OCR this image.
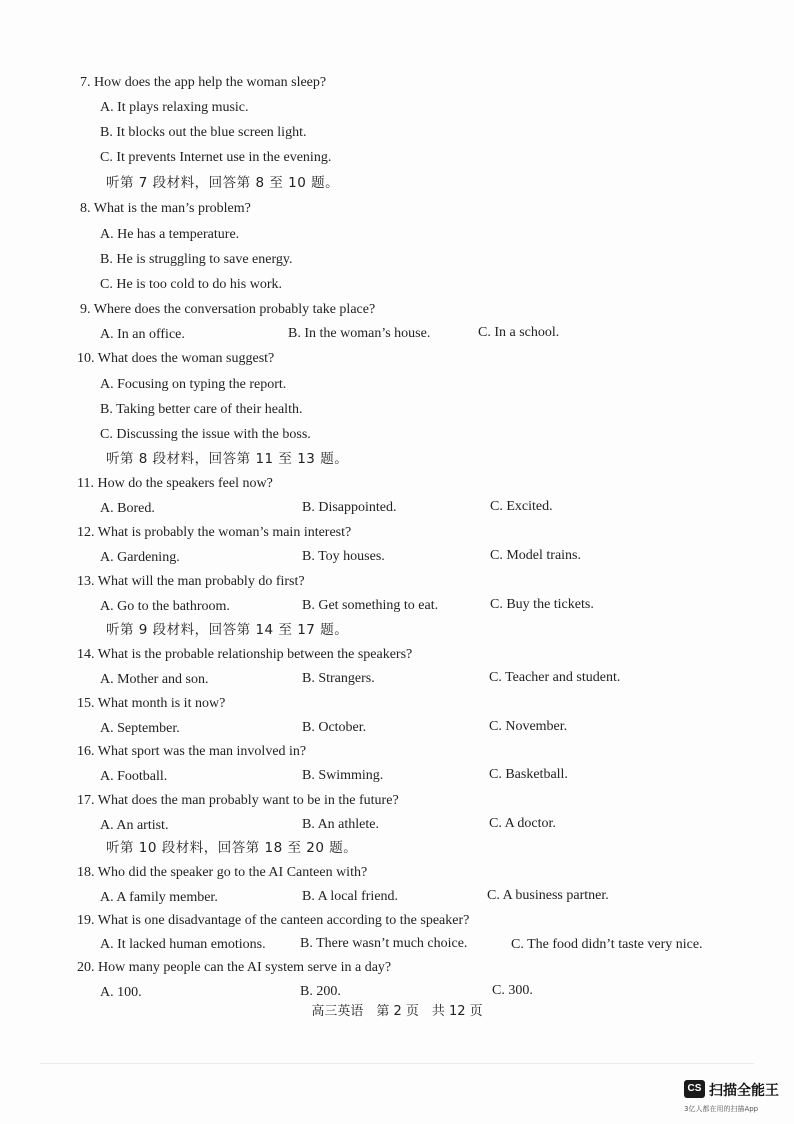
7. How does the app help the woman sleep?
A. It plays relaxing music.
B. It blocks out the blue screen light.
C. It prevents Internet use in the evening.
听第 7 段材料，回答第 8 至 10 题。
8. What is the man’s problem?
A. He has a temperature.
B. He is struggling to save energy.
C. He is too cold to do his work.
9. Where does the conversation probably take place?
A. In an office.	B. In the woman’s house.	C. In a school.
10. What does the woman suggest?
A. Focusing on typing the report.
B. Taking better care of their health.
C. Discussing the issue with the boss.
听第 8 段材料，回答第 11 至 13 题。
11. How do the speakers feel now?
A. Bored.	B. Disappointed.	C. Excited.
12. What is probably the woman’s main interest?
A. Gardening.	B. Toy houses.	C. Model trains.
13. What will the man probably do first?
A. Go to the bathroom.	B. Get something to eat.	C. Buy the tickets.
听第 9 段材料，回答第 14 至 17 题。
14. What is the probable relationship between the speakers?
A. Mother and son.	B. Strangers.	C. Teacher and student.
15. What month is it now?
A. September.	B. October.	C. November.
16. What sport was the man involved in?
A. Football.	B. Swimming.	C. Basketball.
17. What does the man probably want to be in the future?
A. An artist.	B. An athlete.	C. A doctor.
听第 10 段材料，回答第 18 至 20 题。
18. Who did the speaker go to the AI Canteen with?
A. A family member.	B. A local friend.	C. A business partner.
19. What is one disadvantage of the canteen according to the speaker?
A. It lacked human emotions. B. There wasn’t much choice.	C. The food didn’t taste very nice.
20. How many people can the AI system serve in a day?
A. 100.	B. 200.	C. 300.
高三英语　第 2 页　共 12 页
CS 扫描全能王
3亿人都在用的扫描App
